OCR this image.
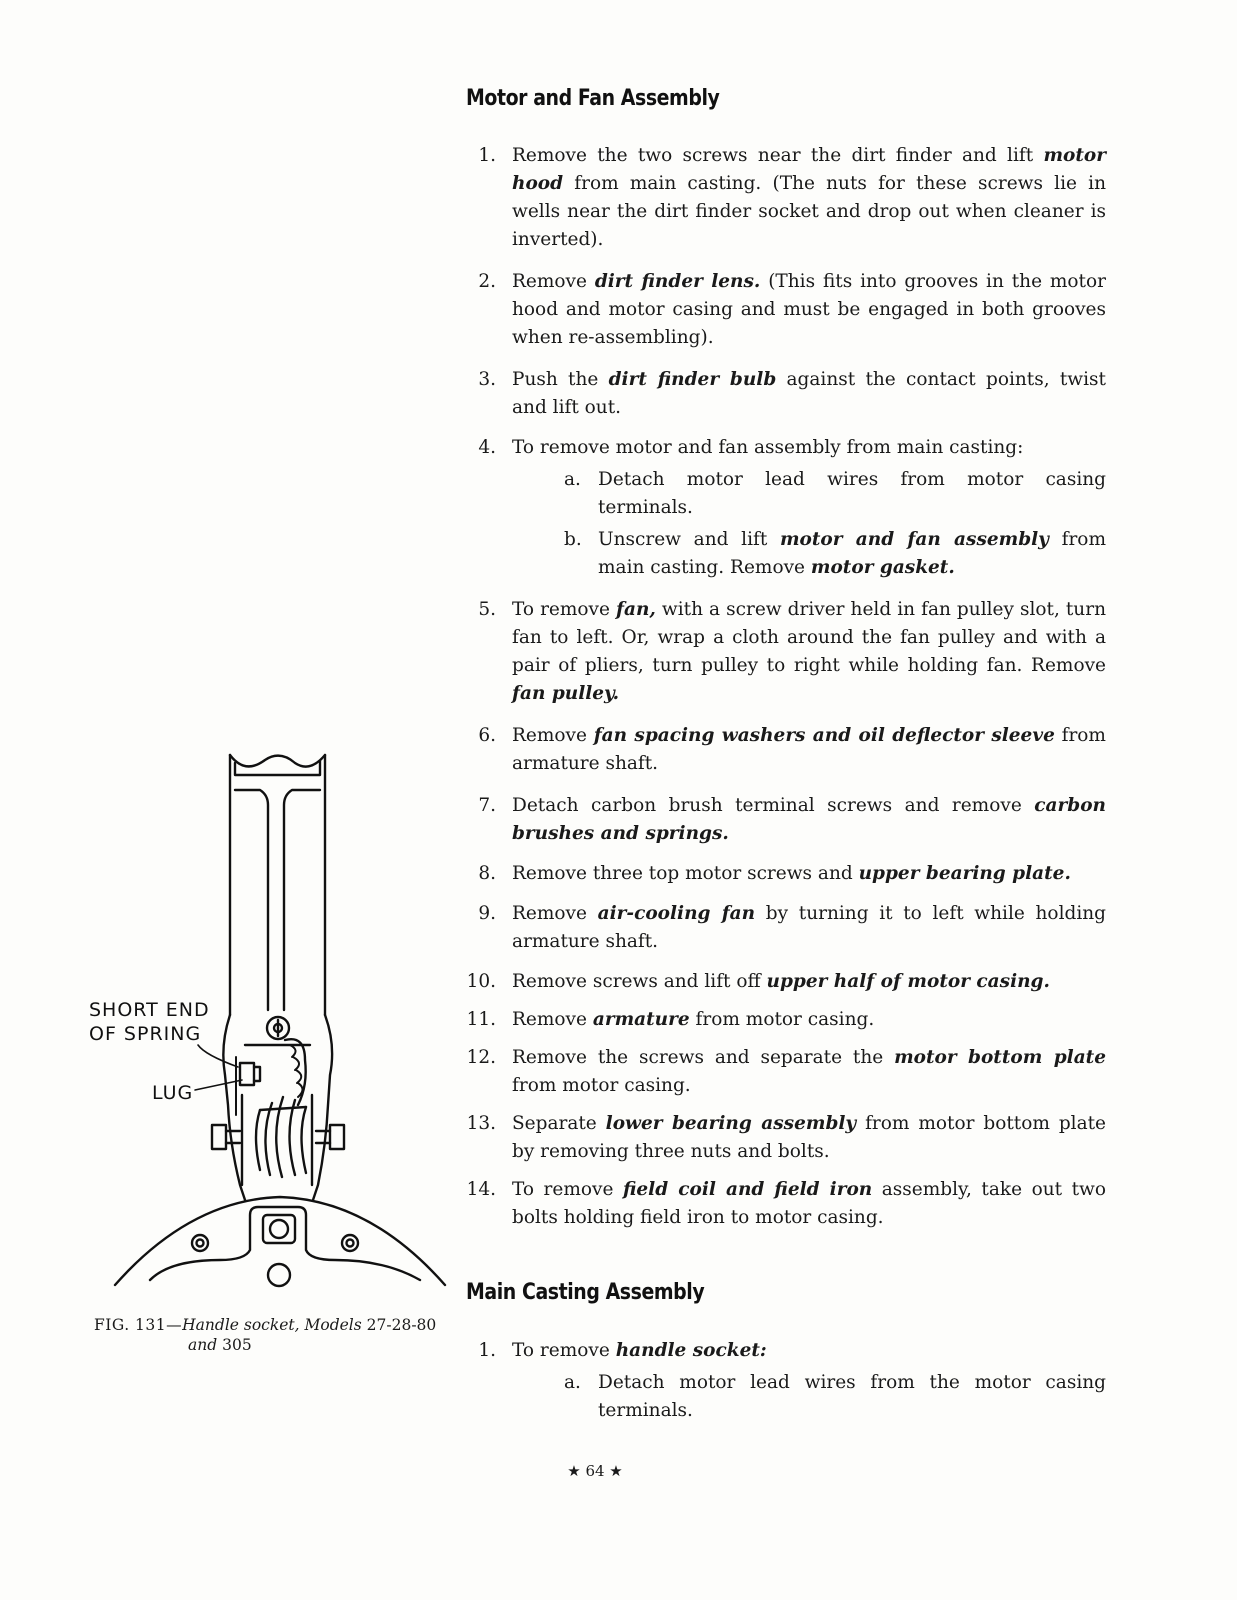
Motor and Fan Assembly
1. Remove the two screws near the dirt finder and lift motor hood from main casting. (The nuts for these screws lie in wells near the dirt finder socket and drop out when cleaner is inverted).
2. Remove dirt finder lens. (This fits into grooves in the motor hood and motor casing and must be engaged in both grooves when re-assembling).
3. Push the dirt finder bulb against the contact points, twist and lift out.
4. To remove motor and fan assembly from main casting:
a. Detach motor lead wires from motor casing terminals.
b. Unscrew and lift motor and fan assembly from main casting. Remove motor gasket.
5. To remove fan, with a screw driver held in fan pulley slot, turn fan to left. Or, wrap a cloth around the fan pulley and with a pair of pliers, turn pulley to right while holding fan. Remove fan pulley.
6. Remove fan spacing washers and oil deflector sleeve from armature shaft.
7. Detach carbon brush terminal screws and remove carbon brushes and springs.
8. Remove three top motor screws and upper bearing plate.
9. Remove air-cooling fan by turning it to left while holding armature shaft.
10. Remove screws and lift off upper half of motor casing.
11. Remove armature from motor casing.
12. Remove the screws and separate the motor bottom plate from motor casing.
13. Separate lower bearing assembly from motor bottom plate by removing three nuts and bolts.
14. To remove field coil and field iron assembly, take out two bolts holding field iron to motor casing.
Main Casting Assembly
1. To remove handle socket:
a. Detach motor lead wires from the motor casing terminals.
SHORT END
OF SPRING
LUG
FIG. 131—Handle socket, Models 27-28-80
and 305
★ 64 ★
